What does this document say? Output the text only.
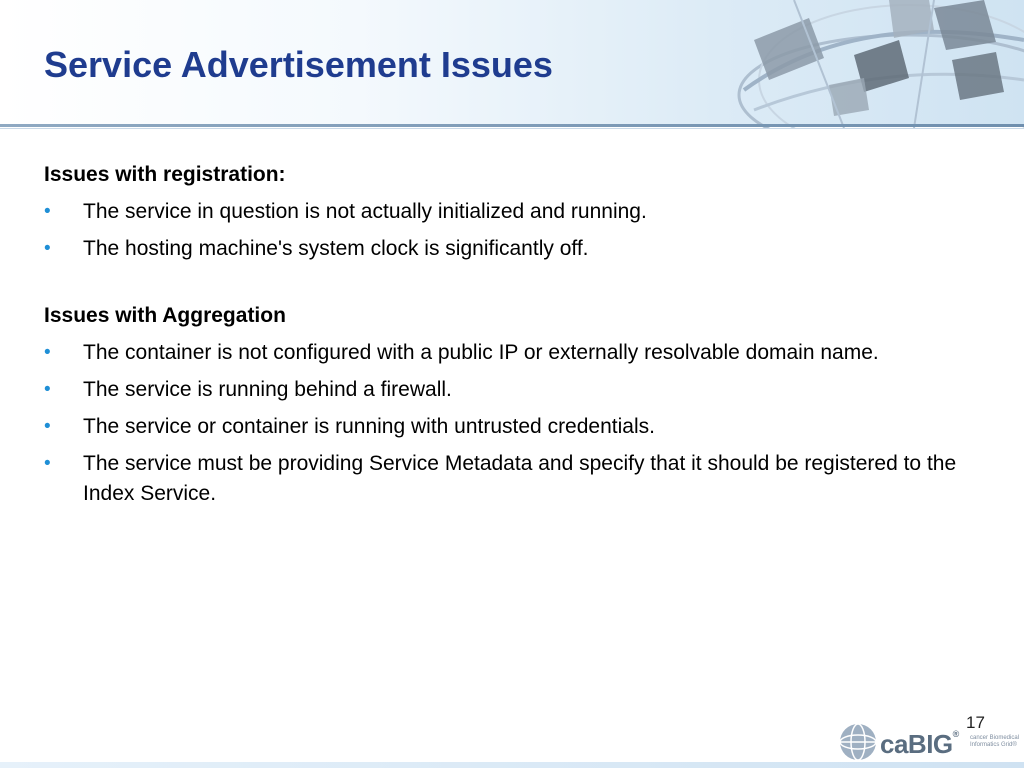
Service Advertisement Issues
Issues with registration:
• The service in question is not actually initialized and running.
• The hosting machine's system clock is significantly off.
Issues with Aggregation
• The container is not configured with a public IP or externally resolvable domain name.
• The service is running behind a firewall.
• The service or container is running with untrusted credentials.
• The service must be providing Service Metadata and specify that it should be registered to the Index Service.
17
caBIG® cancer Biomedical
Informatics Grid®
